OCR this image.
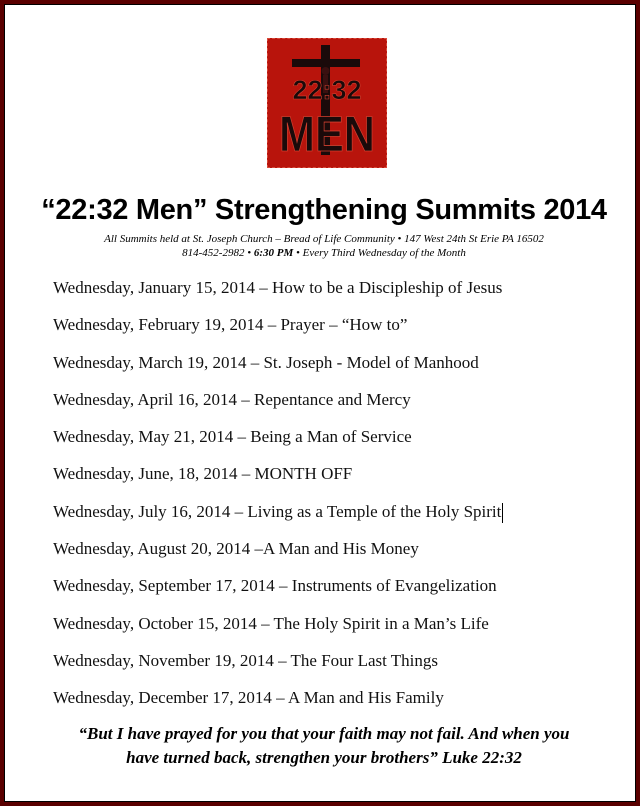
22:32
MEN
“22:32 Men” Strengthening Summits 2014
All Summits held at St. Joseph Church – Bread of Life Community • 147 West 24th St Erie PA 16502
814-452-2982 • 6:30 PM • Every Third Wednesday of the Month
Wednesday, January 15, 2014 – How to be a Discipleship of Jesus
Wednesday, February 19, 2014 – Prayer – “How to”
Wednesday, March 19, 2014 – St. Joseph - Model of Manhood
Wednesday, April 16, 2014 – Repentance and Mercy
Wednesday, May 21, 2014 – Being a Man of Service
Wednesday, June, 18, 2014 – MONTH OFF
Wednesday, July 16, 2014 – Living as a Temple of the Holy Spirit
Wednesday, August 20, 2014 –A Man and His Money
Wednesday, September 17, 2014 – Instruments of Evangelization
Wednesday, October 15, 2014 – The Holy Spirit in a Man’s Life
Wednesday, November 19, 2014 – The Four Last Things
Wednesday, December 17, 2014 – A Man and His Family
“But I have prayed for you that your faith may not fail. And when you
have turned back, strengthen your brothers” Luke 22:32
